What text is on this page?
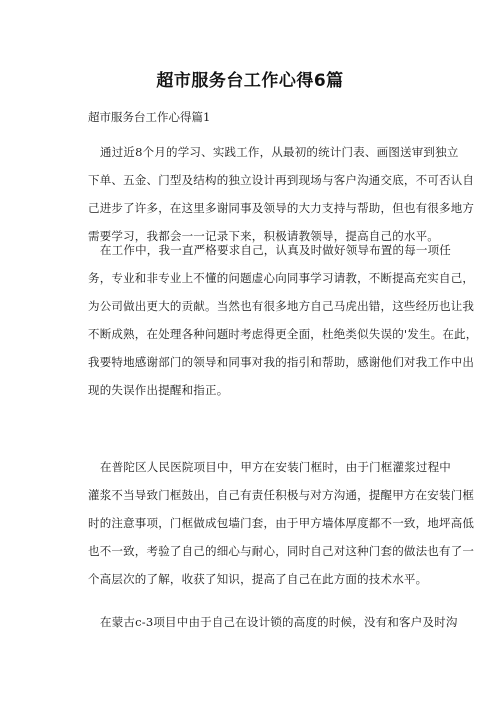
超市服务台工作心得6篇
超市服务台工作心得篇1
通过近8个月的学习、实践工作，从最初的统计门表、画图送审到独立
下单、五金、门型及结构的独立设计再到现场与客户沟通交底，不可否认自
己进步了许多，在这里多谢同事及领导的大力支持与帮助，但也有很多地方
需要学习，我都会一一记录下来，积极请教领导，提高自己的水平。
在工作中，我一直严格要求自己，认真及时做好领导布置的每一项任
务，专业和非专业上不懂的问题虚心向同事学习请教，不断提高充实自己，
为公司做出更大的贡献。当然也有很多地方自己马虎出错，这些经历也让我
不断成熟，在处理各种问题时考虑得更全面，杜绝类似失误的'发生。在此，
我要特地感谢部门的领导和同事对我的指引和帮助，感谢他们对我工作中出
现的失误作出提醒和指正。
在普陀区人民医院项目中，甲方在安装门框时，由于门框灌浆过程中
灌浆不当导致门框鼓出，自己有责任积极与对方沟通，提醒甲方在安装门框
时的注意事项，门框做成包墙门套，由于甲方墙体厚度都不一致，地坪高低
也不一致，考验了自己的细心与耐心，同时自己对这种门套的做法也有了一
个高层次的了解，收获了知识，提高了自己在此方面的技术水平。
在蒙古c-3项目中由于自己在设计锁的高度的时候，没有和客户及时沟
